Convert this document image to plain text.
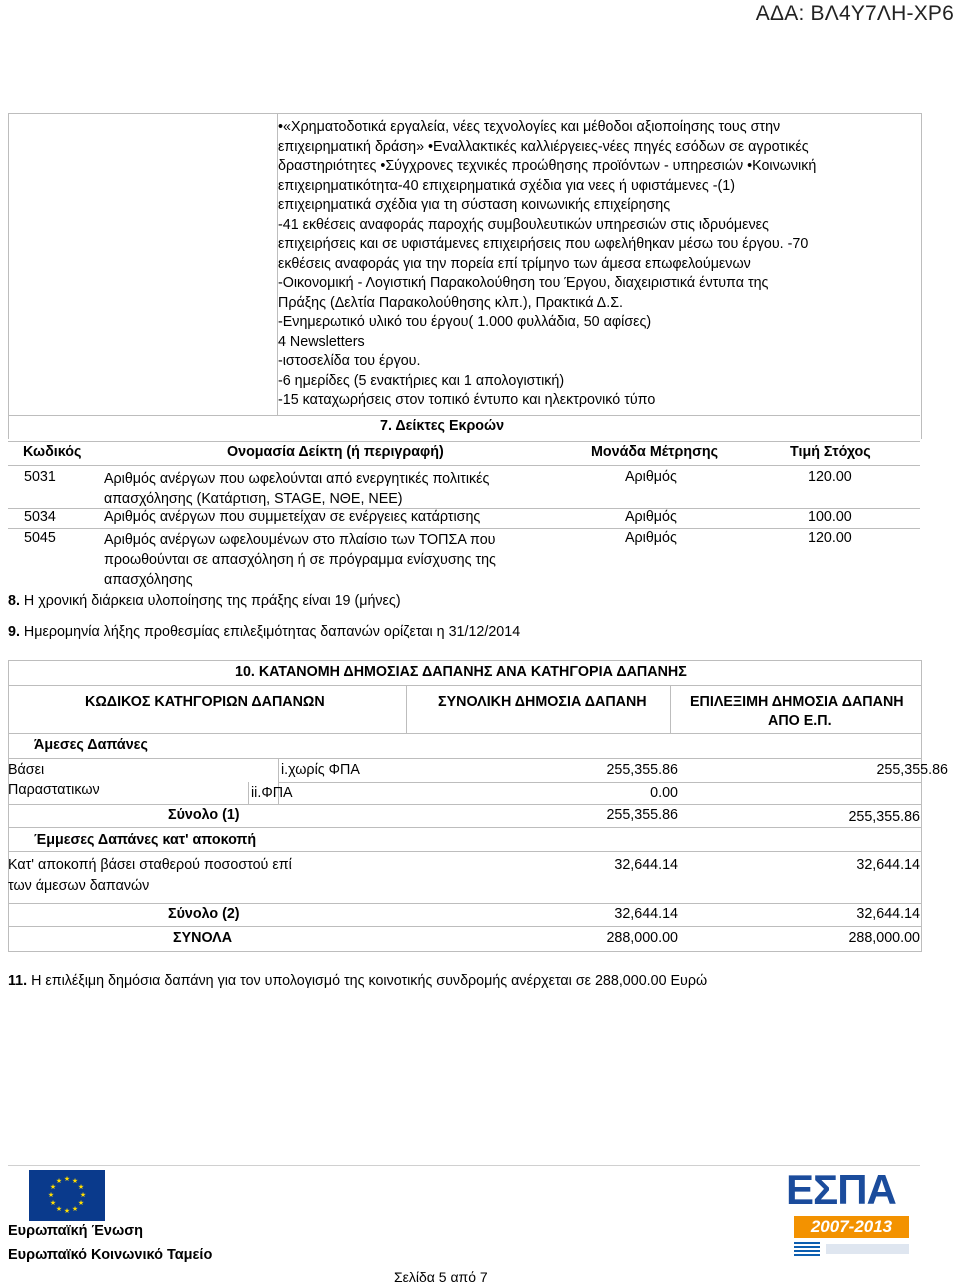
ΑΔΑ: ΒΛ4Υ7ΛΗ-ΧΡ6
•«Χρηματοδοτικά εργαλεία, νέες τεχνολογίες και μέθοδοι αξιοποίησης τους στην
επιχειρηματική δράση» •Εναλλακτικές καλλιέργειες-νέες πηγές εσόδων σε αγροτικές
δραστηριότητες •Σύγχρονες τεχνικές προώθησης προϊόντων - υπηρεσιών •Κοινωνική
επιχειρηματικότητα-40 επιχειρηματικά σχέδια για νεες ή υφιστάμενες -(1)
επιχειρηματικά σχέδια για τη σύσταση κοινωνικής επιχείρησης
-41 εκθέσεις αναφοράς παροχής συμβουλευτικών υπηρεσιών στις ιδρυόμενες
επιχειρήσεις και σε υφιστάμενες επιχειρήσεις που ωφελήθηκαν μέσω του έργου. -70
εκθέσεις αναφοράς για την πορεία επί τρίμηνο των άμεσα επωφελούμενων
-Οικονομική - Λογιστική Παρακολούθηση του Έργου, διαχειριστικά έντυπα της
Πράξης (Δελτία Παρακολούθησης κλπ.), Πρακτικά Δ.Σ.
-Ενημερωτικό υλικό του έργου( 1.000 φυλλάδια, 50 αφίσες)
4 Newsletters
-ιστοσελίδα του έργου.
-6 ημερίδες (5 ενακτήριες και 1 απολογιστική)
-15 καταχωρήσεις στον τοπικό έντυπο και ηλεκτρονικό τύπο
7. Δείκτες Εκροών
Κωδικός	Ονομασία Δείκτη (ή περιγραφή)	Μονάδα Μέτρησης	Τιμή Στόχος
5031	Αριθμός ανέργων που ωφελούνται από ενεργητικές πολιτικές
απασχόλησης (Κατάρτιση, STAGE, ΝΘΕ, ΝΕΕ)
Αριθμός	120.00
5034	Αριθμός ανέργων που συμμετείχαν σε ενέργειες κατάρτισης	Αριθμός	100.00
5045	Αριθμός ανέργων ωφελουμένων στο πλαίσιο των ΤΟΠΣΑ που
προωθούνται σε απασχόληση ή σε πρόγραμμα ενίσχυσης της
απασχόλησης
Αριθμός	120.00
8. Η χρονική διάρκεια υλοποίησης της πράξης είναι 19 (μήνες)
9. Ημερομηνία λήξης προθεσμίας επιλεξιμότητας δαπανών ορίζεται η 31/12/2014
10. ΚΑΤΑΝΟΜΗ ΔΗΜΟΣΙΑΣ ΔΑΠΑΝΗΣ ΑΝΑ ΚΑΤΗΓΟΡΙΑ ΔΑΠΑΝΗΣ
ΚΩΔΙΚΟΣ ΚΑΤΗΓΟΡΙΩΝ ΔΑΠΑΝΩΝ	ΣΥΝΟΛΙΚΗ ΔΗΜΟΣΙΑ ΔΑΠΑΝΗ	ΕΠΙΛΕΞΙΜΗ ΔΗΜΟΣΙΑ ΔΑΠΑΝΗ
ΑΠΟ Ε.Π.
Άμεσες Δαπάνες
Βάσει
Παραστατικων
i.χωρίς ΦΠΑ	255,355.86	255,355.86
ii.ΦΠΑ	0.00
Σύνολο (1)	255,355.86	255,355.86
Έμμεσες Δαπάνες κατ' αποκοπή
Κατ' αποκοπή βάσει σταθερού ποσοστού επί
των άμεσων δαπανών
32,644.14	32,644.14
Σύνολο (2)	32,644.14	32,644.14
ΣΥΝΟΛΑ	288,000.00	288,000.00
11. Η επιλέξιμη δημόσια δαπάνη για τον υπολογισμό της κοινοτικής συνδρομής ανέρχεται σε 288,000.00 Ευρώ
★ ★
★
★
★
★
★
★
★
★
★
★
Ευρωπαϊκή Ένωση
Ευρωπαϊκό Κοινωνικό Ταμείο
Σελίδα 5 από 7
ΕΣΠΑ
2007-2013
